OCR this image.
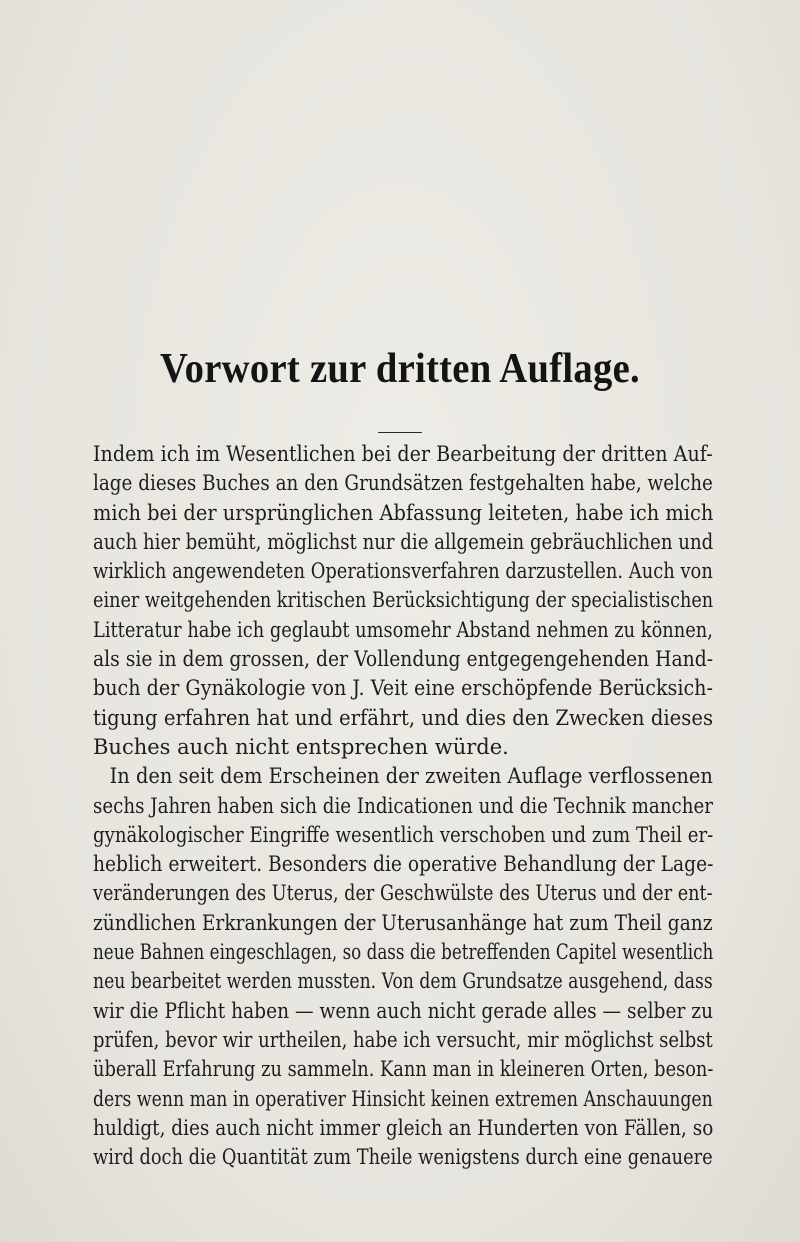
Vorwort zur dritten Auflage.
Indem ich im Wesentlichen bei der Bearbeitung der dritten Auf-
lage dieses Buches an den Grundsätzen festgehalten habe, welche
mich bei der ursprünglichen Abfassung leiteten, habe ich mich
auch hier bemüht, möglichst nur die allgemein gebräuchlichen und
wirklich angewendeten Operationsverfahren darzustellen. Auch von
einer weitgehenden kritischen Berücksichtigung der specialistischen
Litteratur habe ich geglaubt umsomehr Abstand nehmen zu können,
als sie in dem grossen, der Vollendung entgegengehenden Hand-
buch der Gynäkologie von J. Veit eine erschöpfende Berücksich-
tigung erfahren hat und erfährt, und dies den Zwecken dieses
Buches auch nicht entsprechen würde.
In den seit dem Erscheinen der zweiten Auflage verflossenen
sechs Jahren haben sich die Indicationen und die Technik mancher
gynäkologischer Eingriffe wesentlich verschoben und zum Theil er-
heblich erweitert. Besonders die operative Behandlung der Lage-
veränderungen des Uterus, der Geschwülste des Uterus und der ent-
zündlichen Erkrankungen der Uterusanhänge hat zum Theil ganz
neue Bahnen eingeschlagen, so dass die betreffenden Capitel wesentlich
neu bearbeitet werden mussten. Von dem Grundsatze ausgehend, dass
wir die Pflicht haben — wenn auch nicht gerade alles — selber zu
prüfen, bevor wir urtheilen, habe ich versucht, mir möglichst selbst
überall Erfahrung zu sammeln. Kann man in kleineren Orten, beson-
ders wenn man in operativer Hinsicht keinen extremen Anschauungen
huldigt, dies auch nicht immer gleich an Hunderten von Fällen, so
wird doch die Quantität zum Theile wenigstens durch eine genauere
